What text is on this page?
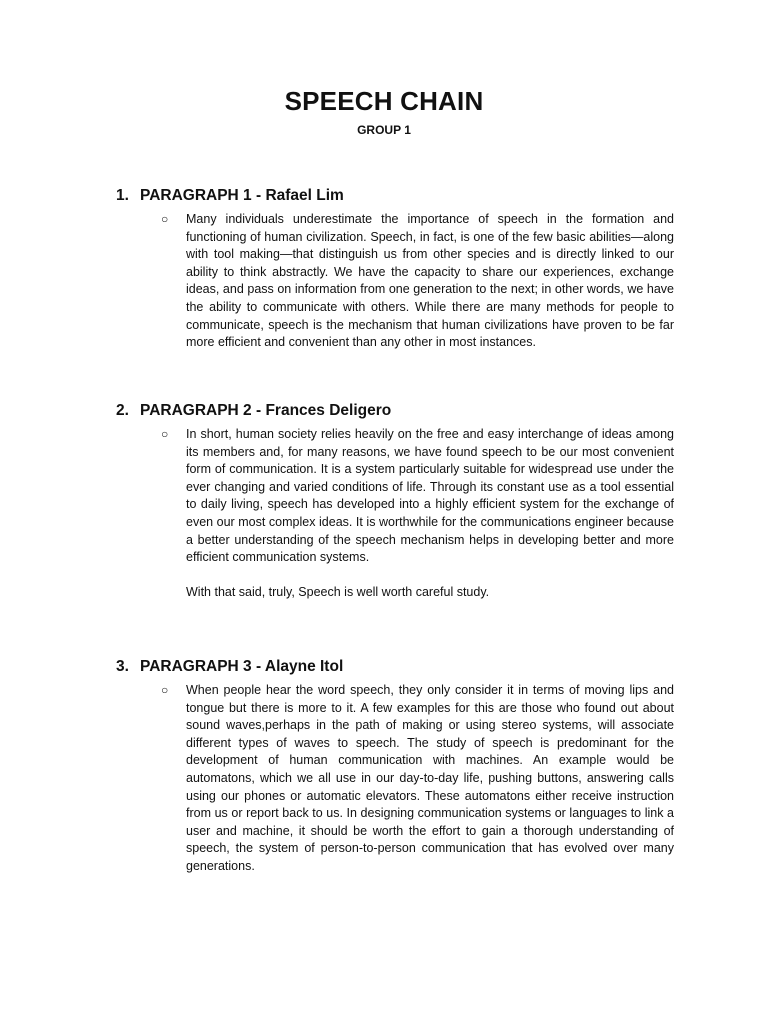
SPEECH CHAIN
GROUP 1
1. PARAGRAPH 1 - Rafael Lim
○ Many individuals underestimate the importance of speech in the formation and functioning of human civilization. Speech, in fact, is one of the few basic abilities—along with tool making—that distinguish us from other species and is directly linked to our ability to think abstractly. We have the capacity to share our experiences, exchange ideas, and pass on information from one generation to the next; in other words, we have the ability to communicate with others. While there are many methods for people to communicate, speech is the mechanism that human civilizations have proven to be far more efficient and convenient than any other in most instances.

2. PARAGRAPH 2 - Frances Deligero
○ In short, human society relies heavily on the free and easy interchange of ideas among its members and, for many reasons, we have found speech to be our most convenient form of communication. It is a system particularly suitable for widespread use under the ever changing and varied conditions of life. Through its constant use as a tool essential to daily living, speech has developed into a highly efficient system for the exchange of even our most complex ideas. It is worthwhile for the communications engineer because a better understanding of the speech mechanism helps in developing better and more efficient communication systems.

With that said, truly, Speech is well worth careful study.

3. PARAGRAPH 3 - Alayne Itol
○ When people hear the word speech, they only consider it in terms of moving lips and tongue but there is more to it. A few examples for this are those who found out about sound waves,perhaps in the path of making or using stereo systems, will associate different types of waves to speech. The study of speech is predominant for the development of human communication with machines. An example would be automatons, which we all use in our day-to-day life, pushing buttons, answering calls using our phones or automatic elevators. These automatons either receive instruction from us or report back to us. In designing communication systems or languages to link a user and machine, it should be worth the effort to gain a thorough understanding of speech, the system of person-to-person communication that has evolved over many generations.
